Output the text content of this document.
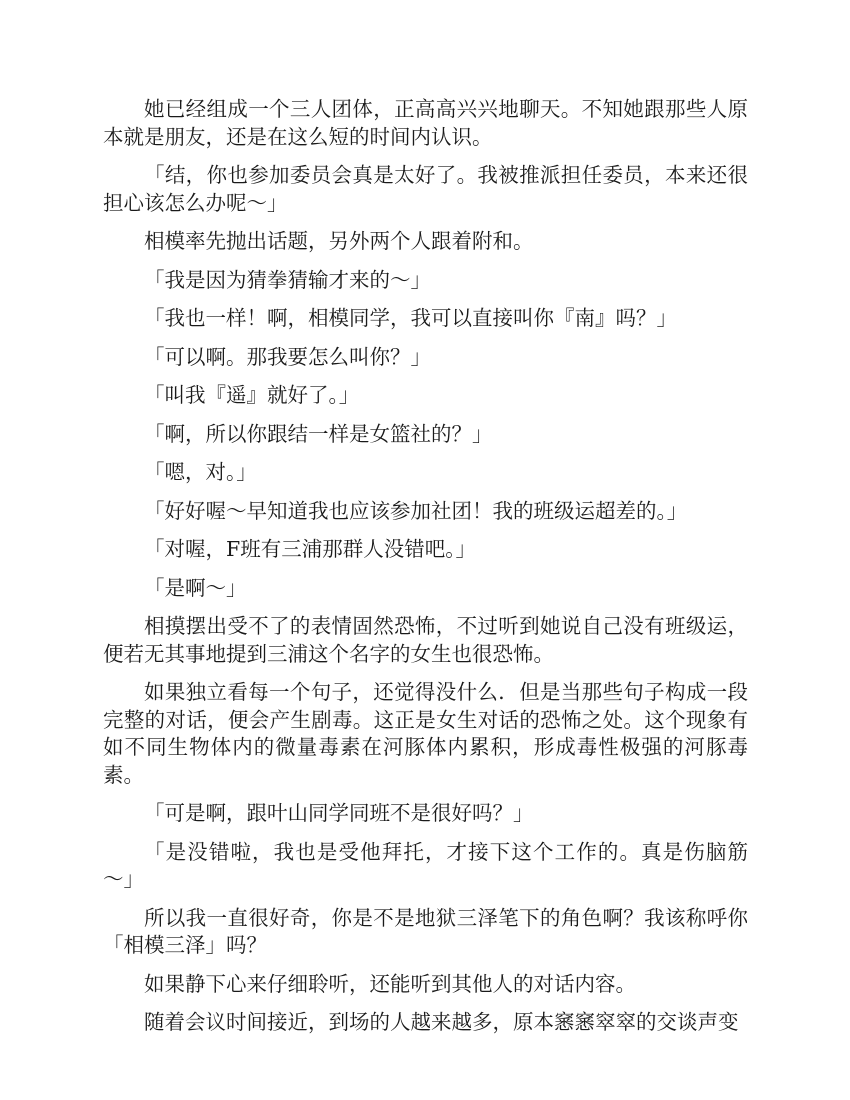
她已经组成一个三人团体，正高高兴兴地聊天。不知她跟那些人原本就是朋友，还是在这么短的时间内认识。

「结，你也参加委员会真是太好了。我被推派担任委员，本来还很担心该怎么办呢～」

相模率先抛出话题，另外两个人跟着附和。

「我是因为猜拳猜输才来的～」

「我也一样！啊，相模同学，我可以直接叫你『南』吗？」

「可以啊。那我要怎么叫你？」

「叫我『遥』就好了。」

「啊，所以你跟结一样是女篮社的？」

「嗯，对。」

「好好喔～早知道我也应该参加社团！我的班级运超差的。」

「对喔，F班有三浦那群人没错吧。」

「是啊～」

相摸摆出受不了的表情固然恐怖，不过听到她说自己没有班级运，便若无其事地提到三浦这个名字的女生也很恐怖。

如果独立看每一个句子，还觉得没什么．但是当那些句子构成一段完整的对话，便会产生剧毒。这正是女生对话的恐怖之处。这个现象有如不同生物体内的微量毒素在河豚体内累积，形成毒性极强的河豚毒素。

「可是啊，跟叶山同学同班不是很好吗？」

「是没错啦，我也是受他拜托，才接下这个工作的。真是伤脑筋～」

所以我一直很好奇，你是不是地狱三泽笔下的角色啊？我该称呼你「相模三泽」吗？

如果静下心来仔细聆听，还能听到其他人的对话内容。

随着会议时间接近，到场的人越来越多，原本窸窸窣窣的交谈声变
